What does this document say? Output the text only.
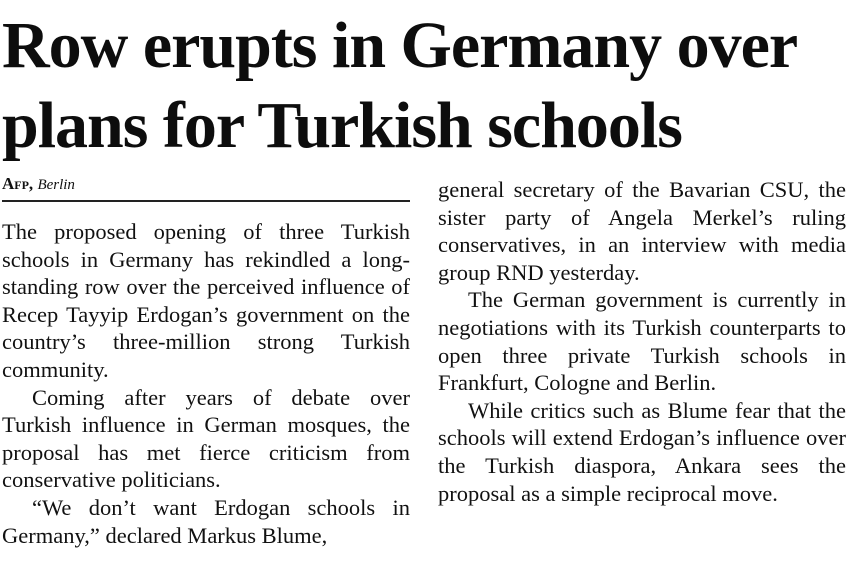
Row erupts in Germany over
plans for Turkish schools
Afp, Berlin

The proposed opening of three Turkish schools in Germany has rekindled a long-standing row over the perceived influence of Recep Tayyip Erdogan’s government on the country’s three-million strong Turkish community.

Coming after years of debate over Turkish influence in German mosques, the proposal has met fierce criticism from conservative politicians.

“We don’t want Erdogan schools in Germany,” declared Markus Blume,

general secretary of the Bavarian CSU, the sister party of Angela Merkel’s ruling conservatives, in an interview with media group RND yesterday.

The German government is currently in negotiations with its Turkish counterparts to open three private Turkish schools in Frankfurt, Cologne and Berlin.

While critics such as Blume fear that the schools will extend Erdogan’s influence over the Turkish diaspora, Ankara sees the proposal as a simple reciprocal move.
